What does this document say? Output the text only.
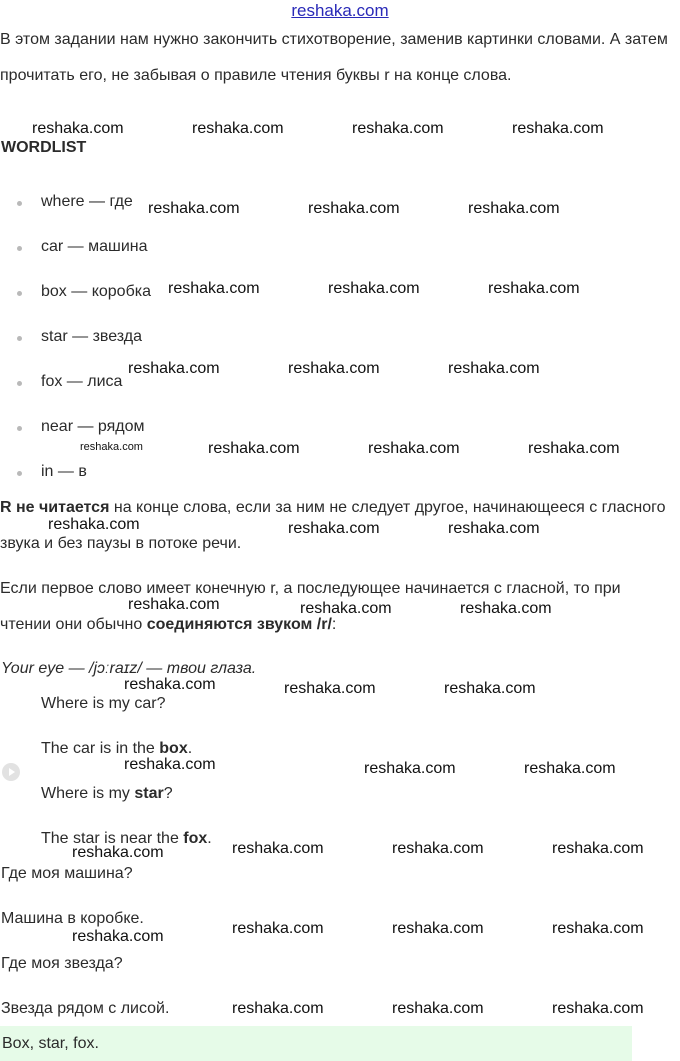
reshaka.com
В этом задании нам нужно закончить стихотворение, заменив картинки словами. А затем прочитать его, не забывая о правиле чтения буквы r на конце слова.
WORDLIST
where — где
car — машина
box — коробка
star — звезда
fox — лиса
near — рядом
in — в
R не читается на конце слова, если за ним не следует другое, начинающееся с гласного звука и без паузы в потоке речи.
Если первое слово имеет конечную r, а последующее начинается с гласной, то при чтении они обычно соединяются звуком /r/:
Your eye — /jɔːraɪz/ — твои глаза.
Where is my car?
The car is in the box.
Where is my star?
The star is near the fox.
Где моя машина?
Машина в коробке.
Где моя звезда?
Звезда рядом с лисой.
Box, star, fox.
reshaka.com	reshaka.com	reshaka.com	reshaka.com
reshaka.com	reshaka.com	reshaka.com
reshaka.com	reshaka.com	reshaka.com
reshaka.com	reshaka.com	reshaka.com
reshaka.com	reshaka.com	reshaka.com	reshaka.com
reshaka.com	reshaka.com	reshaka.com
reshaka.com	reshaka.com	reshaka.com
reshaka.com	reshaka.com	reshaka.com
reshaka.com	reshaka.com	reshaka.com
reshaka.com	reshaka.com	reshaka.com	reshaka.com
reshaka.com	reshaka.com	reshaka.com	reshaka.com
reshaka.com	reshaka.com	reshaka.com
